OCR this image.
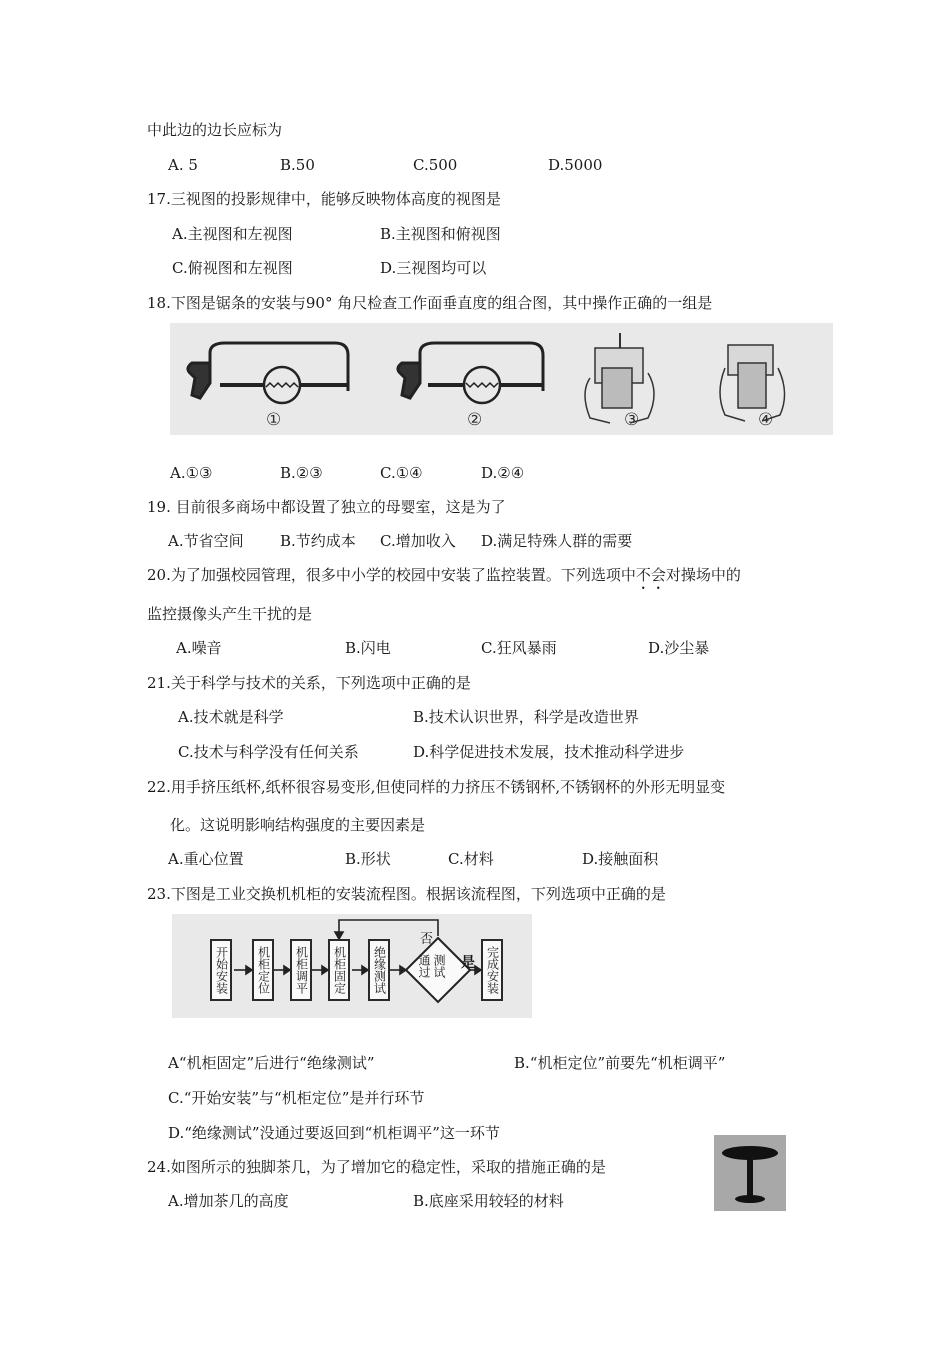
中此边的边长应标为
A. 5	B.50	C.500	D.5000
17.三视图的投影规律中，能够反映物体高度的视图是
A.主视图和左视图	B.主视图和俯视图
C.俯视图和左视图	D.三视图均可以
18.下图是锯条的安装与90° 角尺检查工作面垂直度的组合图，其中操作正确的一组是
①	②	③	④
A.①③	B.②③	C.①④	D.②④
19. 目前很多商场中都设置了独立的母婴室，这是为了
A.节省空间 B.节约成本 C.增加收入 D.满足特殊人群的需要
20.为了加强校园管理，很多中小学的校园中安装了监控装置。下列选项中不会对操场中的
监控摄像头产生干扰的是
A.噪音	B.闪电	C.狂风暴雨	D.沙尘暴
21.关于科学与技术的关系，下列选项中正确的是
A.技术就是科学	B.技术认识世界，科学是改造世界
C.技术与科学没有任何关系	D.科学促进技术发展，技术推动科学进步
22.用手挤压纸杯,纸杯很容易变形,但使同样的力挤压不锈钢杯,不锈钢杯的外形无明显变
化。这说明影响结构强度的主要因素是
A.重心位置	B.形状	C.材料	D.接触面积
23.下图是工业交换机机柜的安装流程图。根据该流程图，下列选项中正确的是
开始安装	机柜定位	机柜调平	机柜固定	绝缘测试	测试通过	是
否
完成安装
A“机柜固定”后进行“绝缘测试”	B.“机柜定位”前要先“机柜调平”
C.“开始安装”与“机柜定位”是并行环节
D.“绝缘测试”没通过要返回到“机柜调平”这一环节
24.如图所示的独脚茶几，为了增加它的稳定性，采取的措施正确的是
A.增加茶几的高度	B.底座采用较轻的材料
